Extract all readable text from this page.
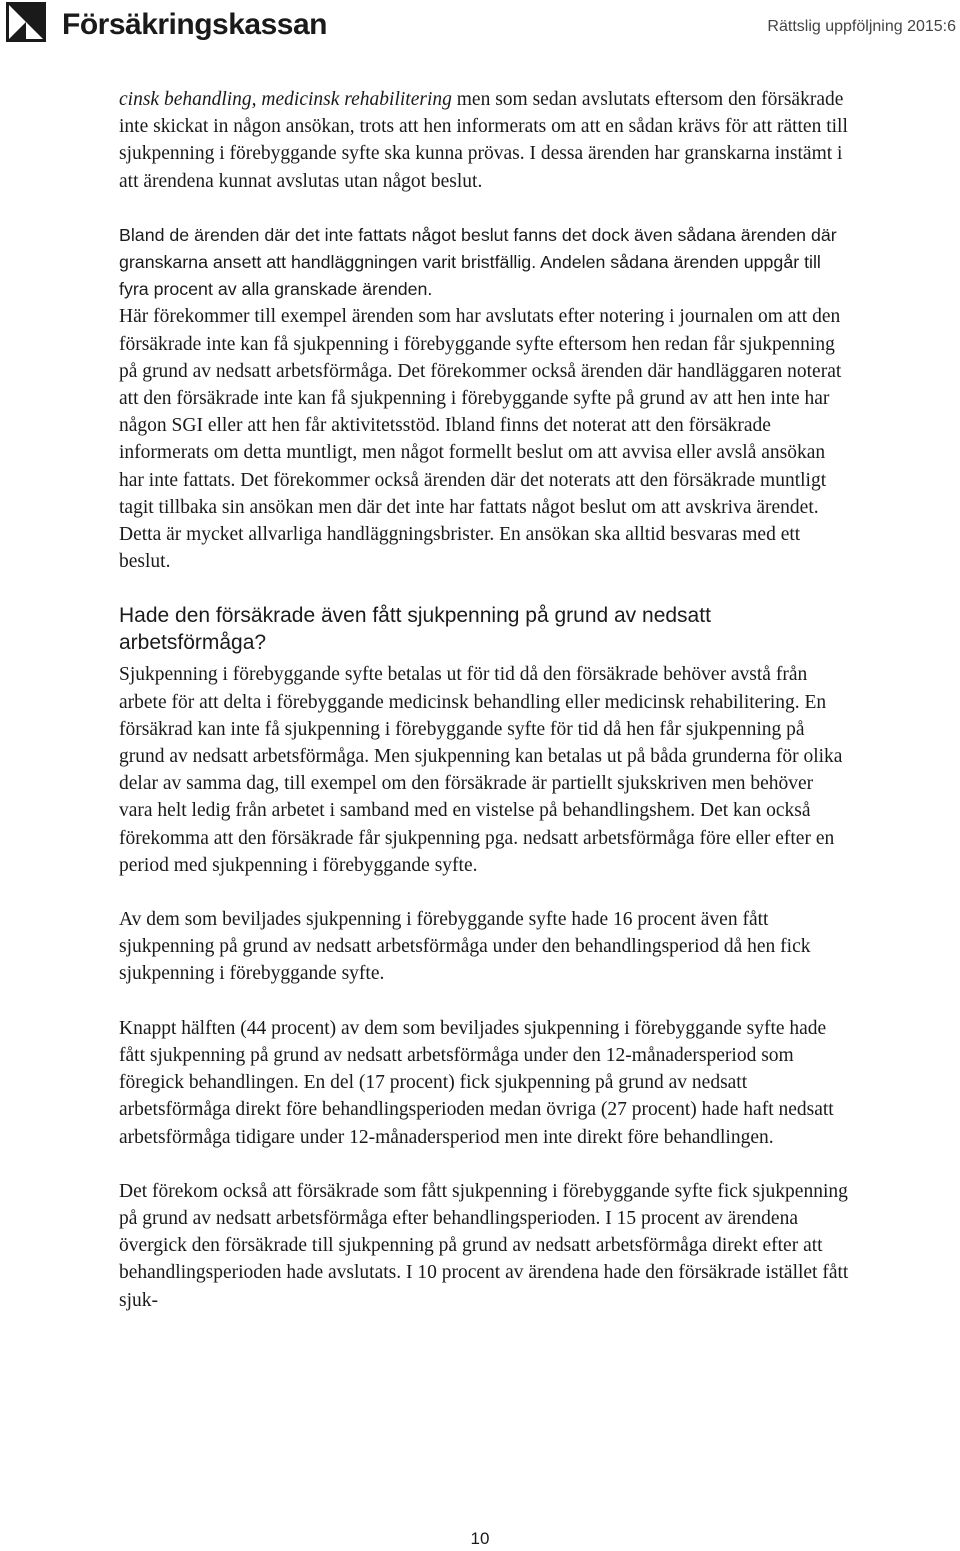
Försäkringskassan	Rättslig uppföljning 2015:6

cinsk behandling, medicinsk rehabilitering men som sedan avslutats eftersom den försäkrade inte skickat in någon ansökan, trots att hen informerats om att en sådan krävs för att rätten till sjukpenning i förebyggande syfte ska kunna prövas. I dessa ärenden har granskarna instämt i att ärendena kunnat avslutas utan något beslut.

Bland de ärenden där det inte fattats något beslut fanns det dock även sådana ärenden där granskarna ansett att handläggningen varit bristfällig. Andelen sådana ärenden uppgår till fyra procent av alla granskade ärenden.

Här förekommer till exempel ärenden som har avslutats efter notering i journalen om att den försäkrade inte kan få sjukpenning i förebyggande syfte eftersom hen redan får sjukpenning på grund av nedsatt arbetsförmåga. Det förekommer också ärenden där handläggaren noterat att den försäkrade inte kan få sjukpenning i förebyggande syfte på grund av att hen inte har någon SGI eller att hen får aktivitetsstöd. Ibland finns det noterat att den försäkrade informerats om detta muntligt, men något formellt beslut om att avvisa eller avslå ansökan har inte fattats. Det förekommer också ärenden där det noterats att den försäkrade muntligt tagit tillbaka sin ansökan men där det inte har fattats något beslut om att avskriva ärendet. Detta är mycket allvarliga handläggningsbrister. En ansökan ska alltid besvaras med ett beslut.

Hade den försäkrade även fått sjukpenning på grund av nedsatt arbetsförmåga?

Sjukpenning i förebyggande syfte betalas ut för tid då den försäkrade behöver avstå från arbete för att delta i förebyggande medicinsk behandling eller medicinsk rehabilitering. En försäkrad kan inte få sjukpenning i förebyggande syfte för tid då hen får sjukpenning på grund av nedsatt arbetsförmåga. Men sjukpenning kan betalas ut på båda grunderna för olika delar av samma dag, till exempel om den försäkrade är partiellt sjukskriven men behöver vara helt ledig från arbetet i samband med en vistelse på behandlingshem. Det kan också förekomma att den försäkrade får sjukpenning pga. nedsatt arbetsförmåga före eller efter en period med sjukpenning i förebyggande syfte.

Av dem som beviljades sjukpenning i förebyggande syfte hade 16 procent även fått sjukpenning på grund av nedsatt arbetsförmåga under den behandlingsperiod då hen fick sjukpenning i förebyggande syfte.

Knappt hälften (44 procent) av dem som beviljades sjukpenning i förebyggande syfte hade fått sjukpenning på grund av nedsatt arbetsförmåga under den 12-månadersperiod som föregick behandlingen. En del (17 procent) fick sjukpenning på grund av nedsatt arbetsförmåga direkt före behandlingsperioden medan övriga (27 procent) hade haft nedsatt arbetsförmåga tidigare under 12-månadersperiod men inte direkt före behandlingen.

Det förekom också att försäkrade som fått sjukpenning i förebyggande syfte fick sjukpenning på grund av nedsatt arbetsförmåga efter behandlingsperioden. I 15 procent av ärendena övergick den försäkrade till sjukpenning på grund av nedsatt arbetsförmåga direkt efter att behandlingsperioden hade avslutats. I 10 procent av ärendena hade den försäkrade istället fått sjuk-

10
